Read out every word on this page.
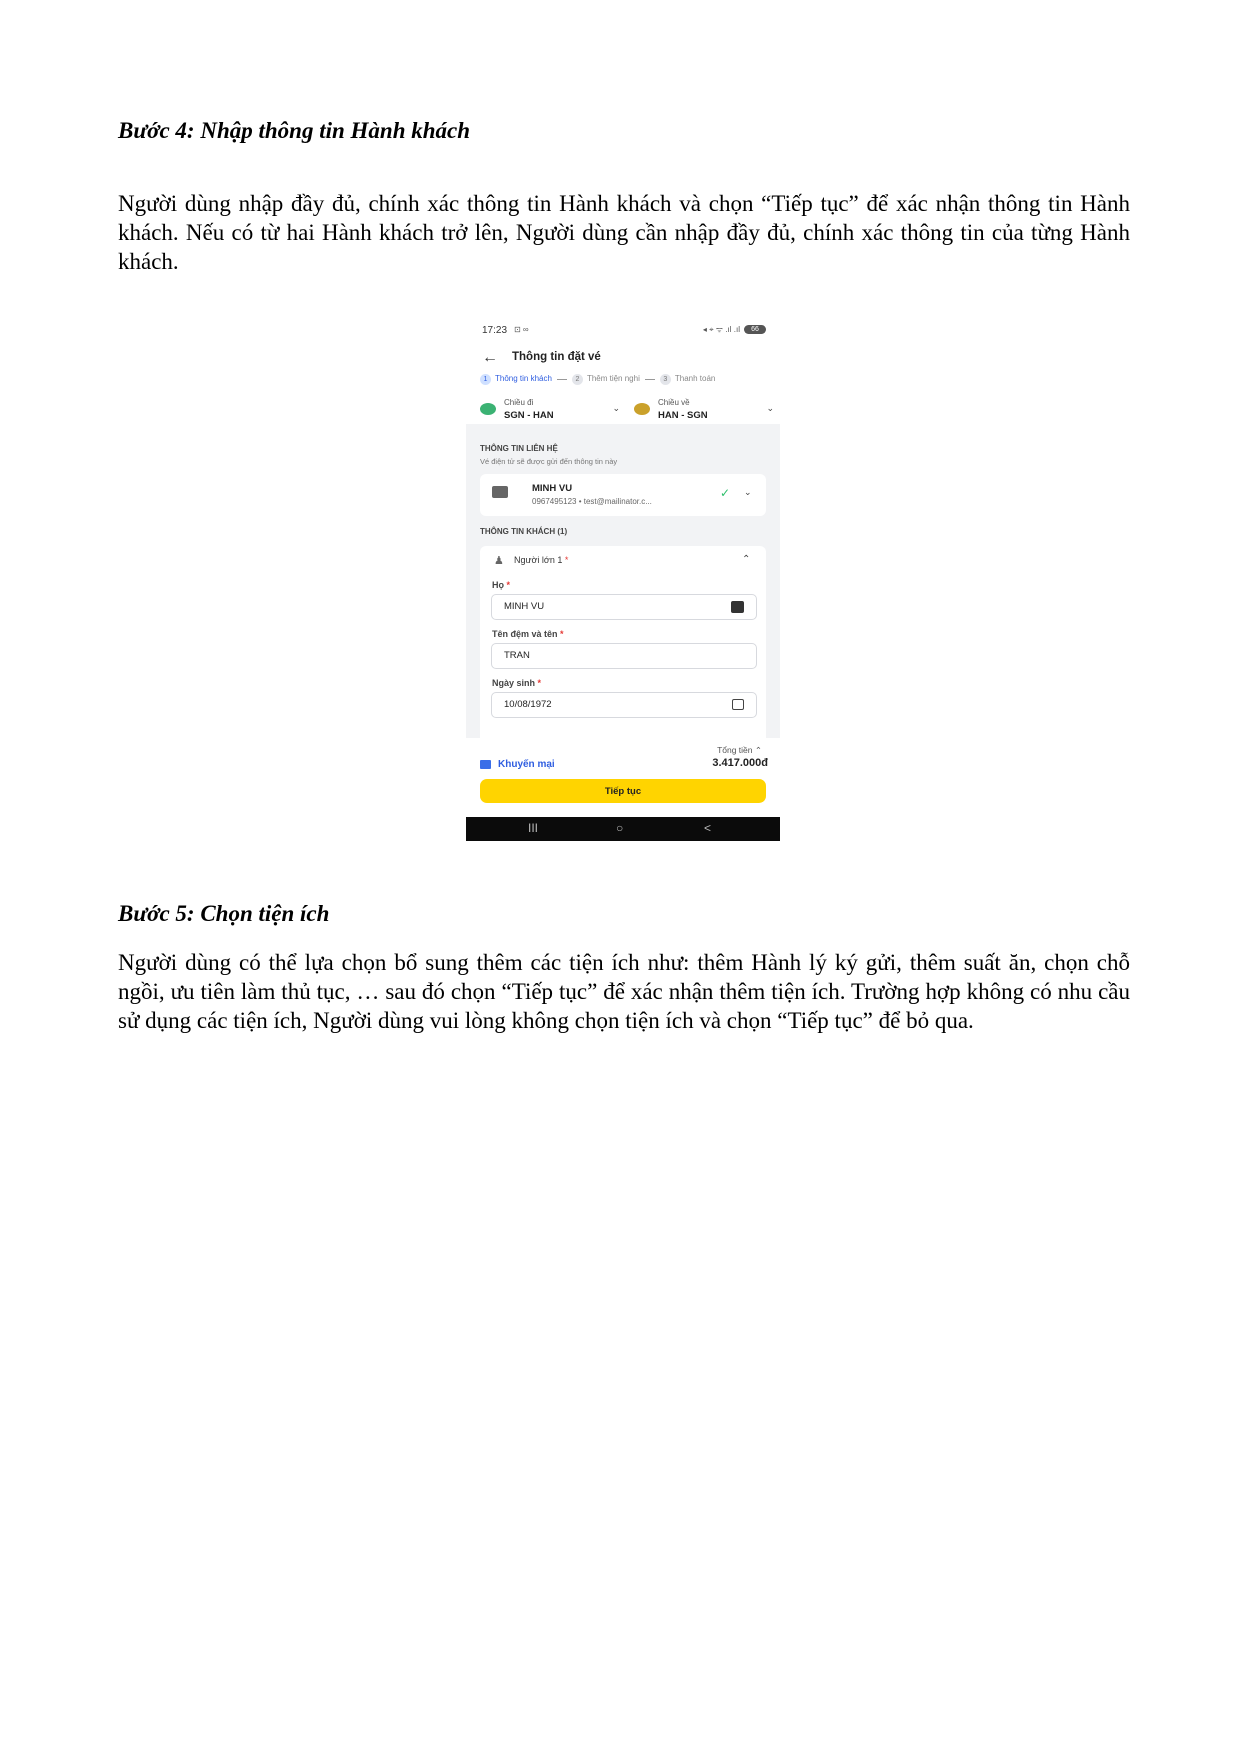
Bước 4: Nhập thông tin Hành khách

Người dùng nhập đầy đủ, chính xác thông tin Hành khách và chọn “Tiếp tục” để xác nhận thông tin Hành khách. Nếu có từ hai Hành khách trở lên, Người dùng cần nhập đầy đủ, chính xác thông tin của từng Hành khách.

17:23 ⊡ ∞	◂ ⌖ ᯤ .ıl .ıl	66
← Thông tin đặt vé
1 Thông tin khách	2 Thêm tiện nghi	3 Thanh toán
Chiều đi
SGN - HAN
⌄
Chiều về
HAN - SGN
⌄
THÔNG TIN LIÊN HỆ
Vé điện tử sẽ được gửi đến thông tin này
MINH VU
0967495123 • test@mailinator.c...
✓ ⌄
THÔNG TIN KHÁCH (1)
♟ Người lớn 1 *	⌃
Họ *
MINH VU
Tên đệm và tên *
TRAN
Ngày sinh *
10/08/1972
Khuyến mại
Tổng tiền ⌃
3.417.000đ
Tiếp tục
III	○	<
Bước 5: Chọn tiện ích

Người dùng có thể lựa chọn bổ sung thêm các tiện ích như: thêm Hành lý ký gửi, thêm suất ăn, chọn chỗ ngồi, ưu tiên làm thủ tục, … sau đó chọn “Tiếp tục” để xác nhận thêm tiện ích. Trường hợp không có nhu cầu sử dụng các tiện ích, Người dùng vui lòng không chọn tiện ích và chọn “Tiếp tục” để bỏ qua.
